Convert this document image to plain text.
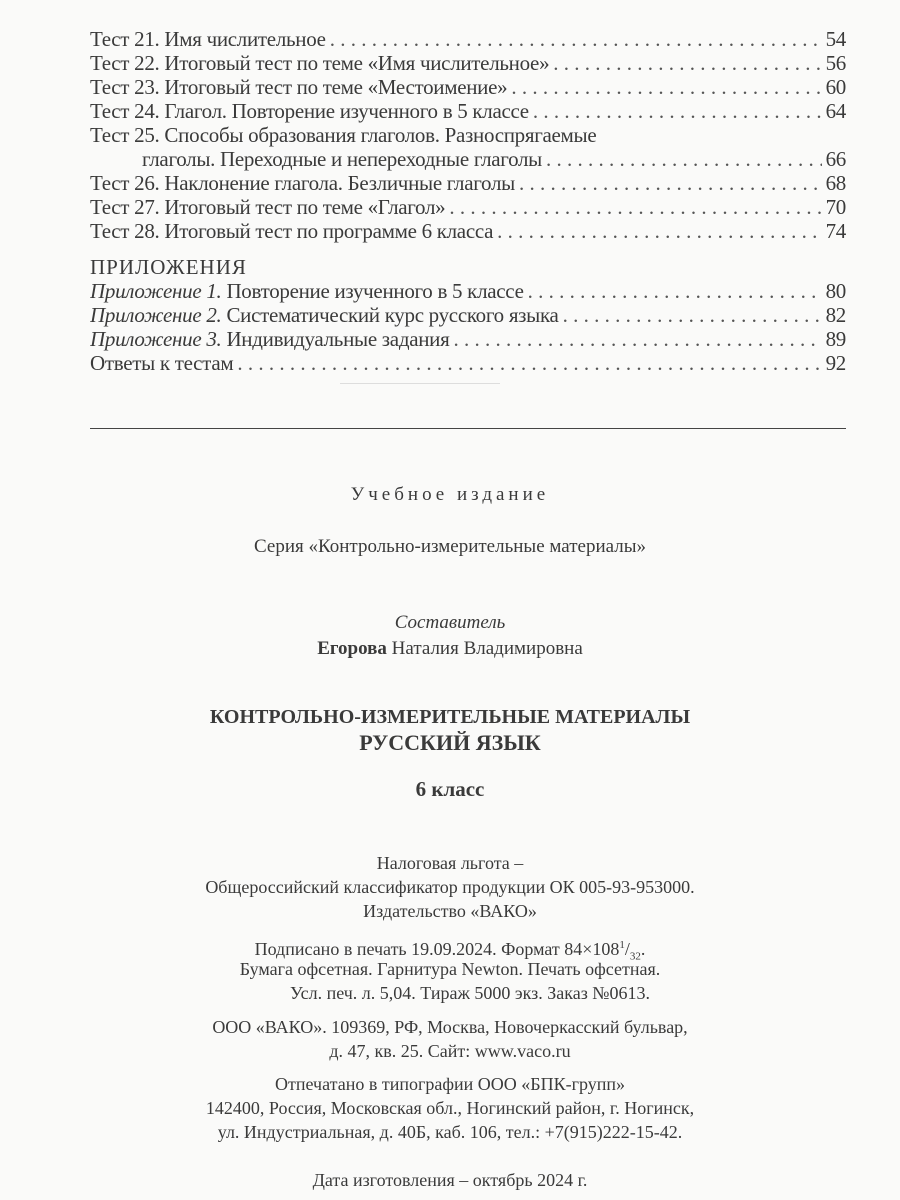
Тест 21. Имя числительное . . .	54
Тест 22. Итоговый тест по теме «Имя числительное» . . .	56
Тест 23. Итоговый тест по теме «Местоимение» . . .	60
Тест 24. Глагол. Повторение изученного в 5 классе . . .	64
Тест 25. Способы образования глаголов. Разноспрягаемые
глаголы. Переходные и непереходные глаголы . . .	66
Тест 26. Наклонение глагола. Безличные глаголы . . .	68
Тест 27. Итоговый тест по теме «Глагол» . . .	70
Тест 28. Итоговый тест по программе 6 класса . . .	74
ПРИЛОЖЕНИЯ
Приложение 1. Повторение изученного в 5 классе . . .	80
Приложение 2. Систематический курс русского языка . . .	82
Приложение 3. Индивидуальные задания . . .	89
Ответы к тестам . . .	92
Учебное издание
Серия «Контрольно-измерительные материалы»
Составитель
Егорова Наталия Владимировна
КОНТРОЛЬНО-ИЗМЕРИТЕЛЬНЫЕ МАТЕРИАЛЫ
РУССКИЙ ЯЗЫК
6 класс
Налоговая льгота –
Общероссийский классификатор продукции ОК 005-93-953000.
Издательство «ВАКО»
Подписано в печать 19.09.2024. Формат $84\times 108^1/_{32}$.
Бумага офсетная. Гарнитура Newton. Печать офсетная.
Усл. печ. л. 5,04. Тираж 5000 экз. Заказ №0613.
ООО «ВАКО». 109369, РФ, Москва, Новочеркасский бульвар,
д. 47, кв. 25. Сайт: www.vaco.ru
Отпечатано в типографии ООО «БПК-групп»
142400, Россия, Московская обл., Ногинский район, г. Ногинск,
ул. Индустриальная, д. 40Б, каб. 106, тел.: +7(915)222-15-42.
Дата изготовления – октябрь 2024 г.
